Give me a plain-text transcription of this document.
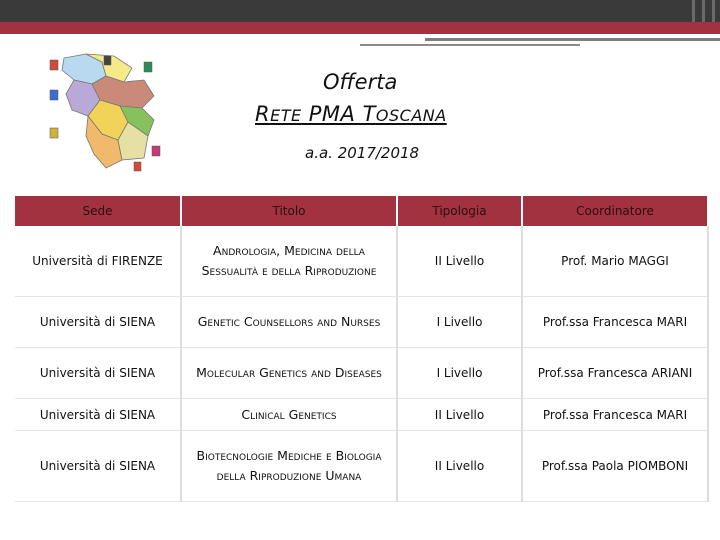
Offerta
RETE PMA TOSCANA
a.a. 2017/2018
Sede	Titolo	Tipologia	Coordinatore
Università di FIRENZE	Andrologia, Medicina della Sessualità e della Riproduzione	II Livello	Prof. Mario MAGGI
Università di SIENA	Genetic Counsellors and Nurses	I Livello	Prof.ssa Francesca MARI
Università di SIENA	Molecular Genetics and Diseases	I Livello	Prof.ssa Francesca ARIANI
Università di SIENA	Clinical Genetics	II Livello	Prof.ssa Francesca MARI
Università di SIENA	Biotecnologie Mediche e Biologia della Riproduzione Umana	II Livello	Prof.ssa Paola PIOMBONI
